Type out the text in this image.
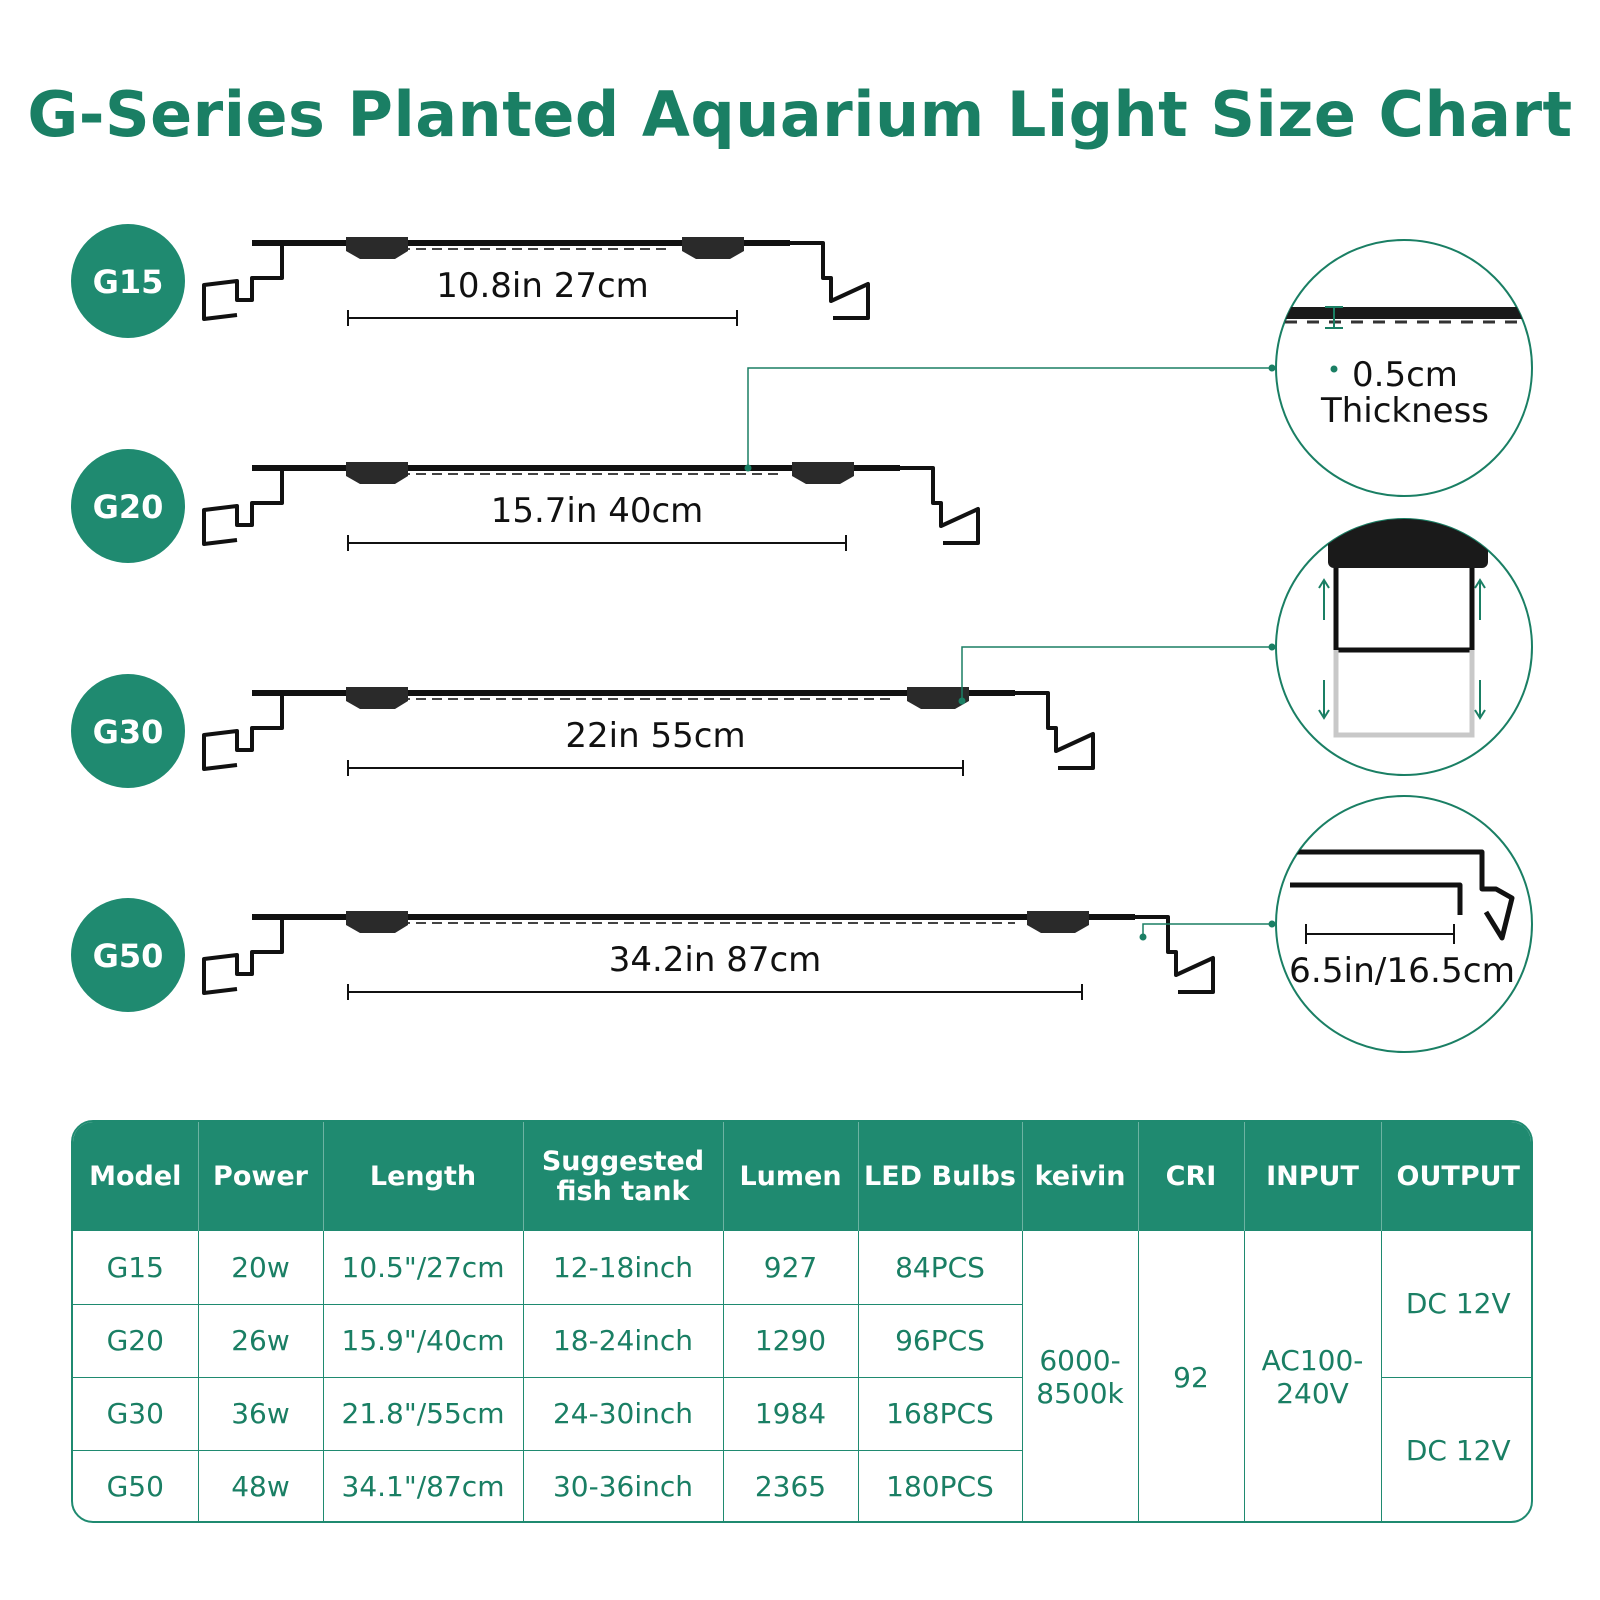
G-Series Planted Aquarium Light Size Chart
G15	10.8in 27cm
G20	15.7in 40cm
G30	22in 55cm
G50	34.2in 87cm
0.5cm
Thickness
6.5in/16.5cm
Model	Power	Length	Suggested fish tank	Lumen	LED Bulbs	keivin	CRI	INPUT	OUTPUT
G15	20w	10.5"/27cm	12-18inch	927	84PCS	6000-8500k	92	AC100-240V	DC 12V
G20	26w	15.9"/40cm	18-24inch	1290	96PCS				
G30	36w	21.8"/55cm	24-30inch	1984	168PCS				DC 12V
G50	48w	34.1"/87cm	30-36inch	2365	180PCS				
